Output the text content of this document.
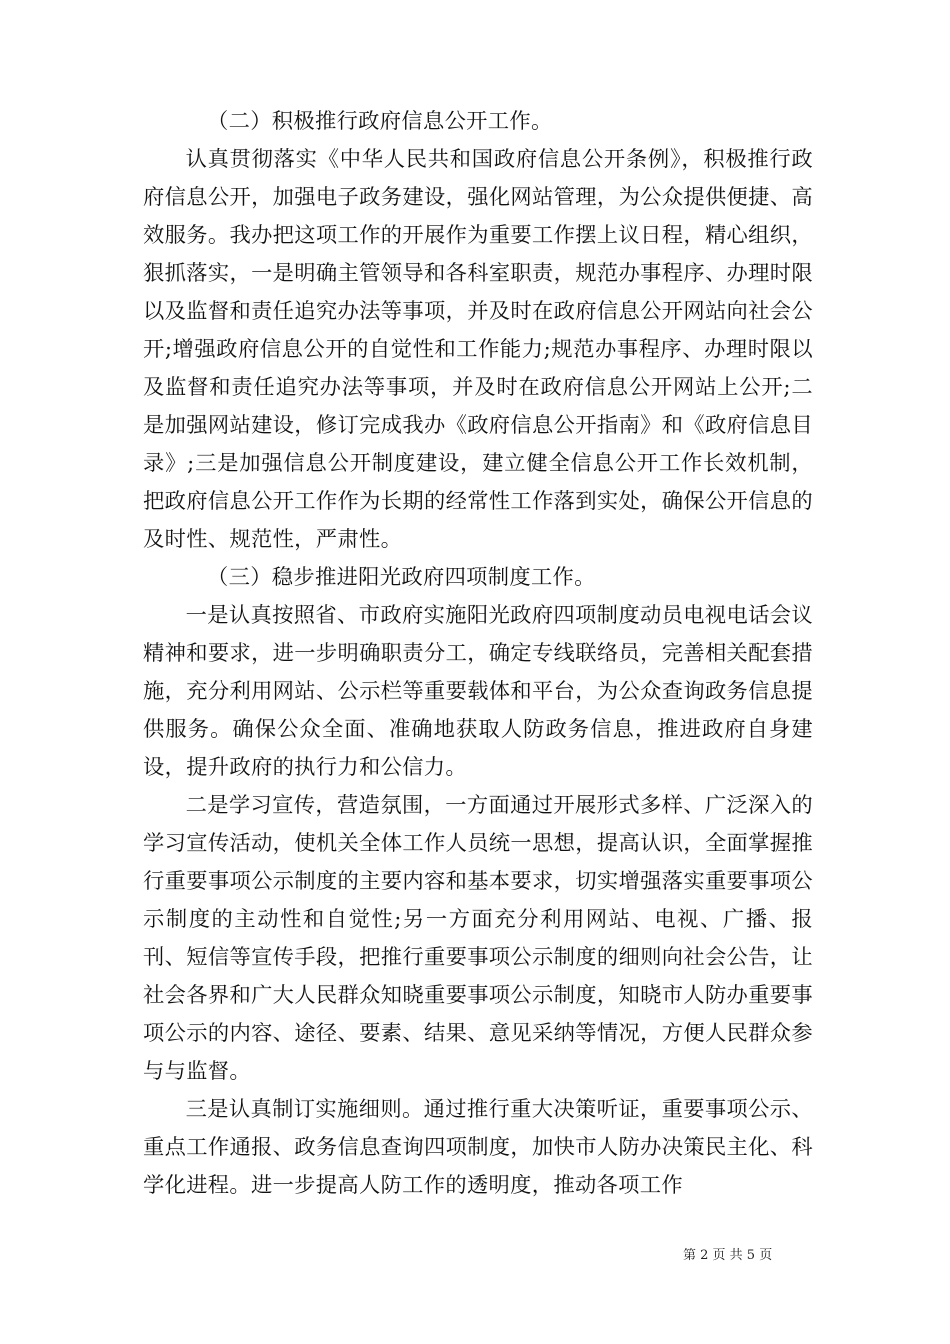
（二）积极推行政府信息公开工作。

认真贯彻落实《中华人民共和国政府信息公开条例》，积极推行政府信息公开，加强电子政务建设，强化网站管理，为公众提供便捷、高效服务。我办把这项工作的开展作为重要工作摆上议日程，精心组织，狠抓落实，一是明确主管领导和各科室职责，规范办事程序、办理时限以及监督和责任追究办法等事项，并及时在政府信息公开网站向社会公开;增强政府信息公开的自觉性和工作能力;规范办事程序、办理时限以及监督和责任追究办法等事项，并及时在政府信息公开网站上公开;二是加强网站建设，修订完成我办《政府信息公开指南》和《政府信息目录》;三是加强信息公开制度建设，建立健全信息公开工作长效机制，把政府信息公开工作作为长期的经常性工作落到实处，确保公开信息的及时性、规范性，严肃性。

（三）稳步推进阳光政府四项制度工作。

一是认真按照省、市政府实施阳光政府四项制度动员电视电话会议精神和要求，进一步明确职责分工，确定专线联络员，完善相关配套措施，充分利用网站、公示栏等重要载体和平台，为公众查询政务信息提供服务。确保公众全面、准确地获取人防政务信息，推进政府自身建设，提升政府的执行力和公信力。

二是学习宣传，营造氛围，一方面通过开展形式多样、广泛深入的学习宣传活动，使机关全体工作人员统一思想，提高认识，全面掌握推行重要事项公示制度的主要内容和基本要求，切实增强落实重要事项公示制度的主动性和自觉性;另一方面充分利用网站、电视、广播、报刊、短信等宣传手段，把推行重要事项公示制度的细则向社会公告，让社会各界和广大人民群众知晓重要事项公示制度，知晓市人防办重要事项公示的内容、途径、要素、结果、意见采纳等情况，方便人民群众参与与监督。

三是认真制订实施细则。通过推行重大决策听证，重要事项公示、重点工作通报、政务信息查询四项制度，加快市人防办决策民主化、科学化进程。进一步提高人防工作的透明度，推动各项工作

第 2 页 共 5 页
